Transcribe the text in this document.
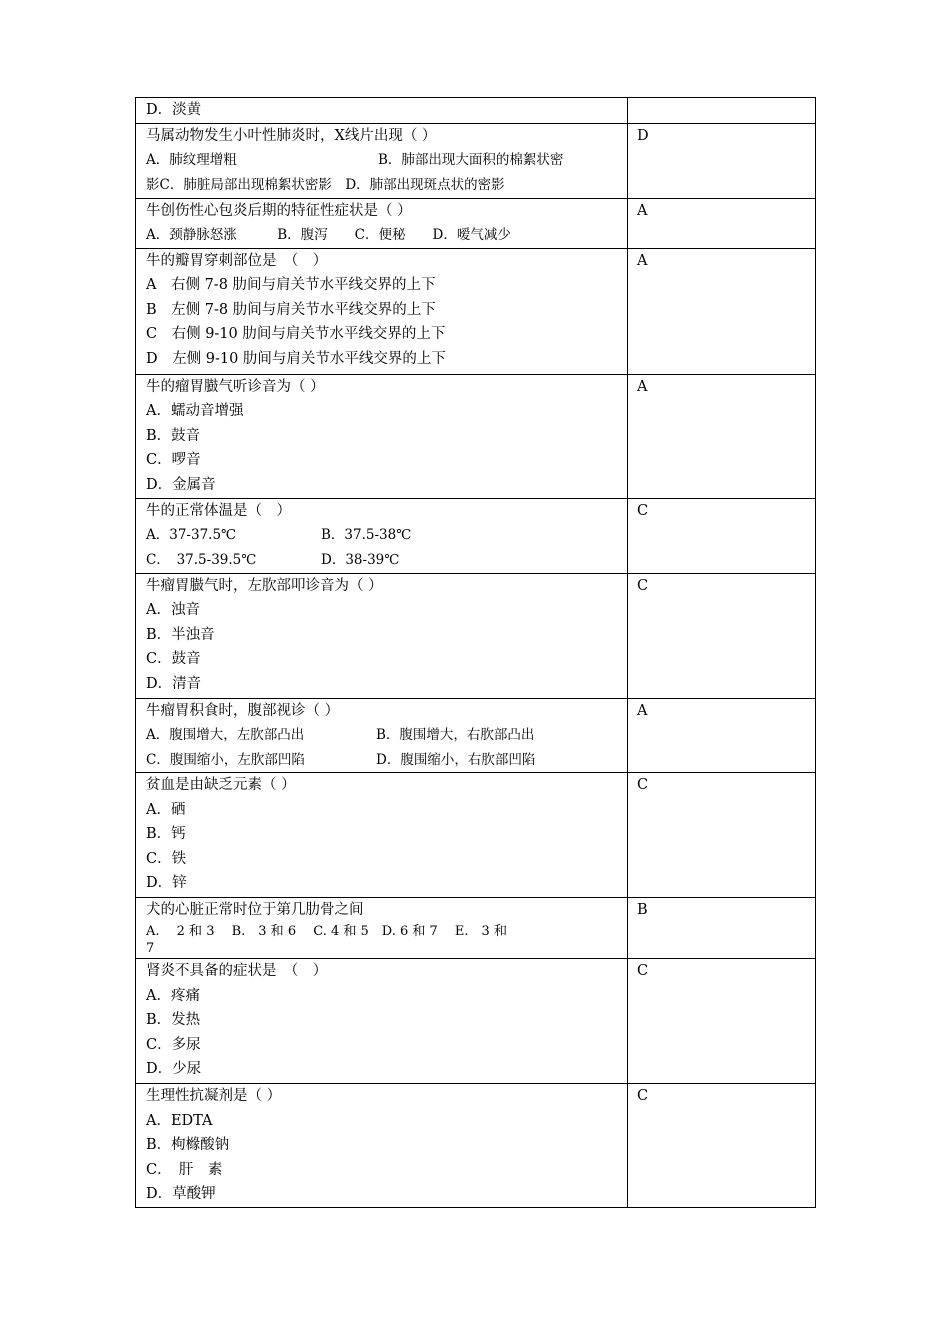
D．淡黄	

马属动物发生小叶性肺炎时，X线片出现（ ）
A．肺纹理增粗 B．肺部出现大面积的棉絮状密
影C．肺脏局部出现棉絮状密影　D．肺部出现斑点状的密影	D

牛创伤性心包炎后期的特征性症状是（ ）
A．颈静脉怒涨　　　B．腹泻　　C．便秘　　D．嗳气减少	A

牛的瓣胃穿刺部位是　（　）
A　右侧 7-8 肋间与肩关节水平线交界的上下
B　左侧 7-8 肋间与肩关节水平线交界的上下
C　右侧 9-10 肋间与肩关节水平线交界的上下
D　左侧 9-10 肋间与肩关节水平线交界的上下	A

牛的瘤胃臌气听诊音为（ ）
A．蠕动音增强
B．鼓音
C．啰音
D．金属音	A

牛的正常体温是（　）
A．37-37.5℃ B．37.5-38℃
C．　37.5-39.5℃ D．38-39℃	C

牛瘤胃臌气时，左肷部叩诊音为（ ）
A．浊音
B．半浊音
C．鼓音
D．清音	C

牛瘤胃积食时，腹部视诊（ ）
A．腹围增大，左肷部凸出 B．腹围增大，右肷部凸出
C．腹围缩小，左肷部凹陷 D．腹围缩小，右肷部凹陷	A

贫血是由缺乏元素（ ）
A．硒
B．钙
C．铁
D．锌	C

犬的心脏正常时位于第几肋骨之间
A.　 2 和 3　 B.　3 和 6　 C. 4 和 5　D. 6 和 7　 E.　3 和
7	B

肾炎不具备的症状是　（　）
A．疼痛
B．发热
C．多尿
D．少尿	C

生理性抗凝剂是（ ）
A．EDTA
B．枸橼酸钠
C．　肝　素
D．草酸钾	C
